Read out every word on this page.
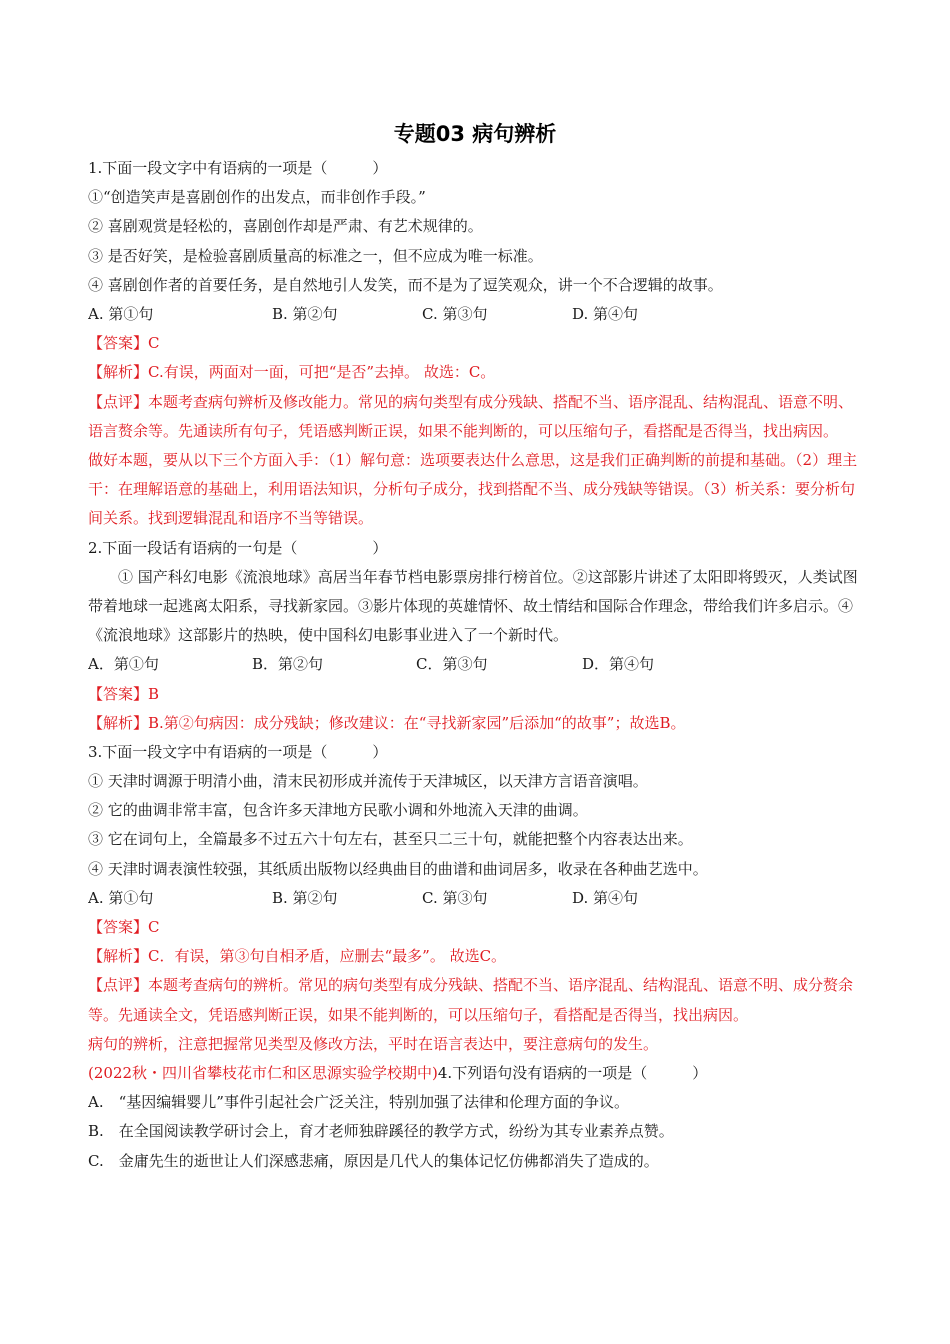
专题03 病句辨析
1.下面一段文字中有语病的一项是（　　　）
①“创造笑声是喜剧创作的出发点，而非创作手段。”
② 喜剧观赏是轻松的，喜剧创作却是严肃、有艺术规律的。
③ 是否好笑，是检验喜剧质量高的标准之一，但不应成为唯一标准。
④ 喜剧创作者的首要任务，是自然地引人发笑，而不是为了逗笑观众，讲一个不合逻辑的故事。
A. 第①句	B. 第②句	C. 第③句	D. 第④句
【答案】C
【解析】C.有误，两面对一面，可把“是否”去掉。 故选：C。
【点评】本题考查病句辨析及修改能力。常见的病句类型有成分残缺、搭配不当、语序混乱、结构混乱、语意不明、语言赘余等。先通读所有句子，凭语感判断正误，如果不能判断的，可以压缩句子，看搭配是否得当，找出病因。
做好本题，要从以下三个方面入手：（1）解句意：选项要表达什么意思，这是我们正确判断的前提和基础。（2）理主干：在理解语意的基础上，利用语法知识，分析句子成分，找到搭配不当、成分残缺等错误。（3）析关系：要分析句间关系。找到逻辑混乱和语序不当等错误。
2.下面一段话有语病的一句是（　　　　　）
① 国产科幻电影《流浪地球》高居当年春节档电影票房排行榜首位。②这部影片讲述了太阳即将毁灭，人类试图带着地球一起逃离太阳系，寻找新家园。③影片体现的英雄情怀、故土情结和国际合作理念，带给我们许多启示。④《流浪地球》这部影片的热映，使中国科幻电影事业进入了一个新时代。
A．第①句	B．第②句	C．第③句	D．第④句
【答案】B
【解析】B.第②句病因：成分残缺；修改建议：在“寻找新家园”后添加“的故事”；故选B。
3.下面一段文字中有语病的一项是（　　　）
① 天津时调源于明清小曲，清末民初形成并流传于天津城区，以天津方言语音演唱。
② 它的曲调非常丰富，包含许多天津地方民歌小调和外地流入天津的曲调。
③ 它在词句上，全篇最多不过五六十句左右，甚至只二三十句，就能把整个内容表达出来。
④ 天津时调表演性较强，其纸质出版物以经典曲目的曲谱和曲词居多，收录在各种曲艺选中。
A. 第①句	B. 第②句	C. 第③句	D. 第④句
【答案】C
【解析】C．有误，第③句自相矛盾，应删去“最多”。 故选C。
【点评】本题考查病句的辨析。常见的病句类型有成分残缺、搭配不当、语序混乱、结构混乱、语意不明、成分赘余等。先通读全文，凭语感判断正误，如果不能判断的，可以压缩句子，看搭配是否得当，找出病因。
病句的辨析，注意把握常见类型及修改方法，平时在语言表达中，要注意病句的发生。
(2022秋・四川省攀枝花市仁和区思源实验学校期中)4.下列语句没有语病的一项是（　　　）
A.　“基因编辑婴儿”事件引起社会广泛关注，特别加强了法律和伦理方面的争议。
B.　在全国阅读教学研讨会上，育才老师独辟蹊径的教学方式，纷纷为其专业素养点赞。
C.　金庸先生的逝世让人们深感悲痛，原因是几代人的集体记忆仿佛都消失了造成的。
